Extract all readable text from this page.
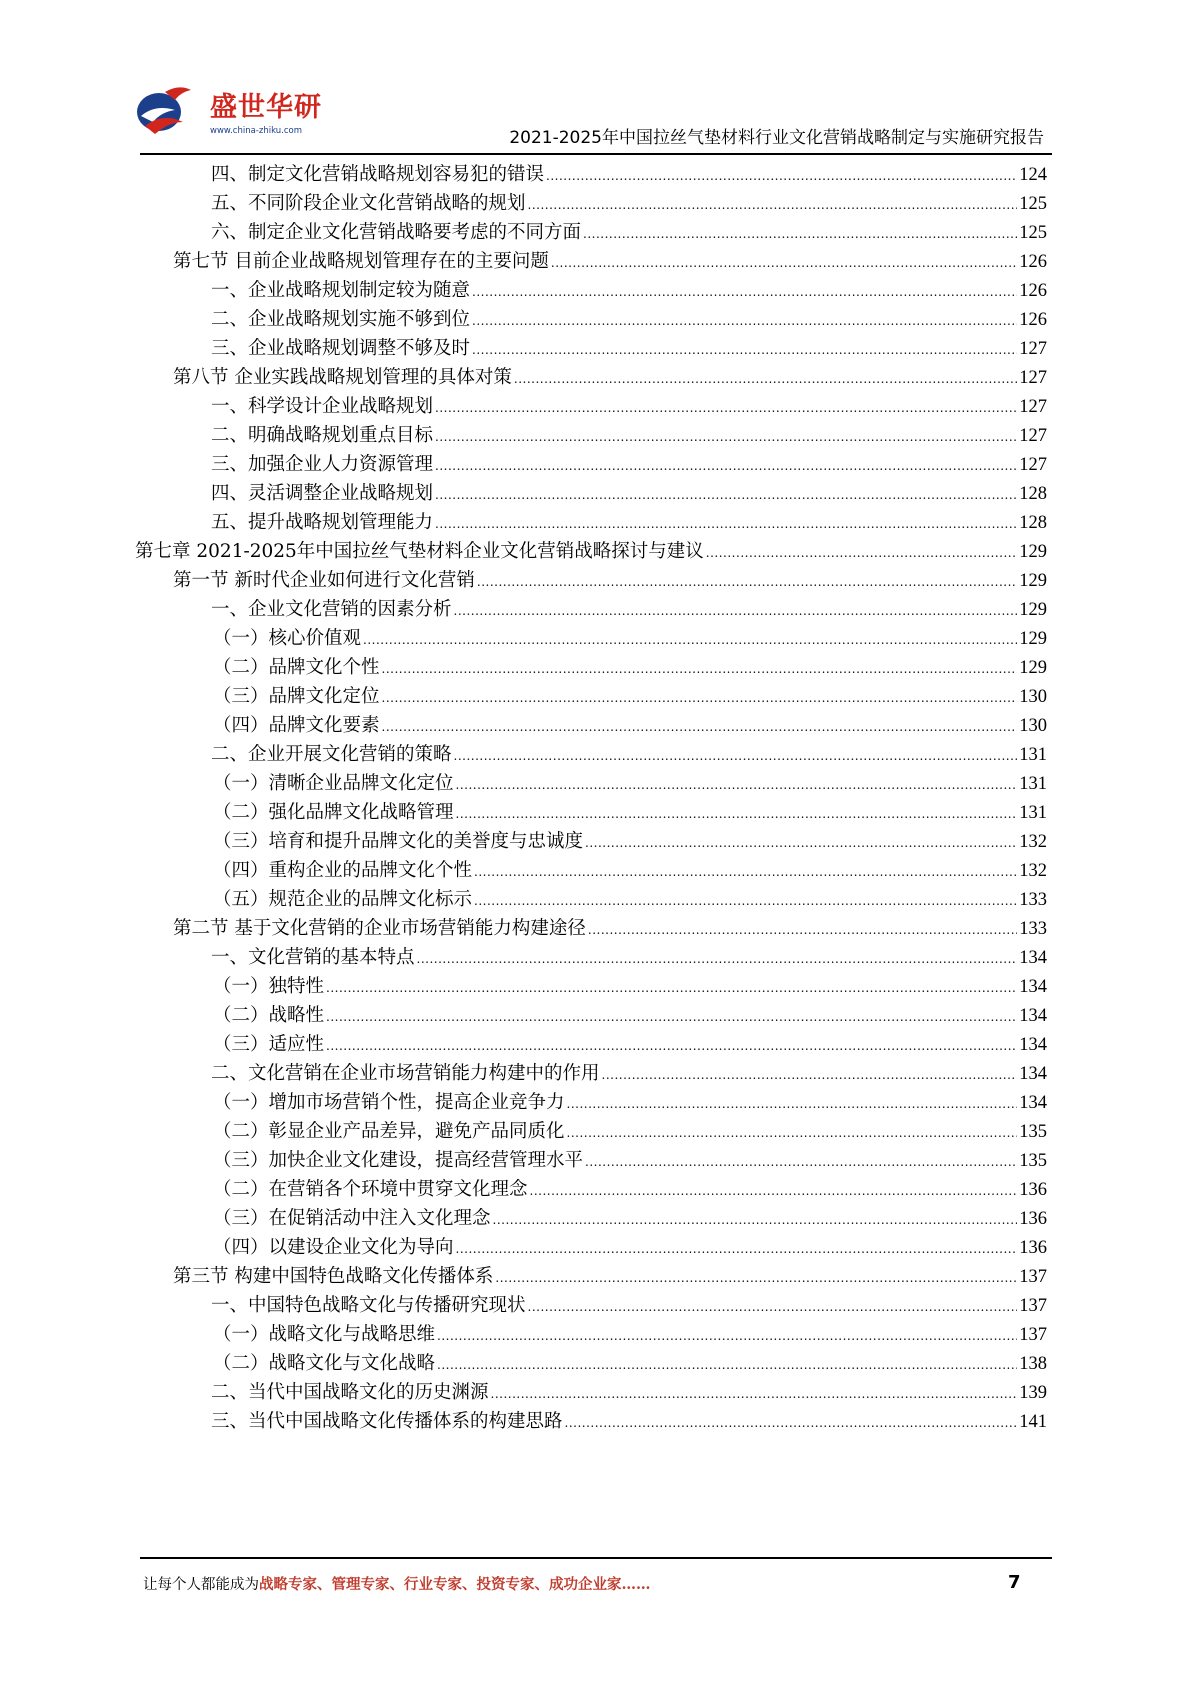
盛世华研
www.china-zhiku.com	2021-2025年中国拉丝气垫材料行业文化营销战略制定与实施研究报告
四、制定文化营销战略规划容易犯的错误 .....	124
五、不同阶段企业文化营销战略的规划 .....	125
六、制定企业文化营销战略要考虑的不同方面 .....	125
第七节 目前企业战略规划管理存在的主要问题 .....	126
一、企业战略规划制定较为随意 .....	126
二、企业战略规划实施不够到位 .....	126
三、企业战略规划调整不够及时 .....	127
第八节 企业实践战略规划管理的具体对策 .....	127
一、科学设计企业战略规划 .....	127
二、明确战略规划重点目标 .....	127
三、加强企业人力资源管理 .....	127
四、灵活调整企业战略规划 .....	128
五、提升战略规划管理能力 .....	128
第七章 2021-2025年中国拉丝气垫材料企业文化营销战略探讨与建议 .....	129
第一节 新时代企业如何进行文化营销 .....	129
一、企业文化营销的因素分析 .....	129
（一）核心价值观 .....	129
（二）品牌文化个性 .....	129
（三）品牌文化定位 .....	130
（四）品牌文化要素 .....	130
二、企业开展文化营销的策略 .....	131
（一）清晰企业品牌文化定位 .....	131
（二）强化品牌文化战略管理 .....	131
（三）培育和提升品牌文化的美誉度与忠诚度 .....	132
（四）重构企业的品牌文化个性 .....	132
（五）规范企业的品牌文化标示 .....	133
第二节 基于文化营销的企业市场营销能力构建途径 .....	133
一、文化营销的基本特点 .....	134
（一）独特性 .....	134
（二）战略性 .....	134
（三）适应性 .....	134
二、文化营销在企业市场营销能力构建中的作用 .....	134
（一）增加市场营销个性，提高企业竞争力 .....	134
（二）彰显企业产品差异，避免产品同质化 .....	135
（三）加快企业文化建设，提高经营管理水平 .....	135
（二）在营销各个环境中贯穿文化理念 .....	136
（三）在促销活动中注入文化理念 .....	136
（四）以建设企业文化为导向 .....	136
第三节 构建中国特色战略文化传播体系 .....	137
一、中国特色战略文化与传播研究现状 .....	137
（一）战略文化与战略思维 .....	137
（二）战略文化与文化战略 .....	138
二、当代中国战略文化的历史渊源 .....	139
三、当代中国战略文化传播体系的构建思路 .....	141
让每个人都能成为战略专家、管理专家、行业专家、投资专家、成功企业家……	7
